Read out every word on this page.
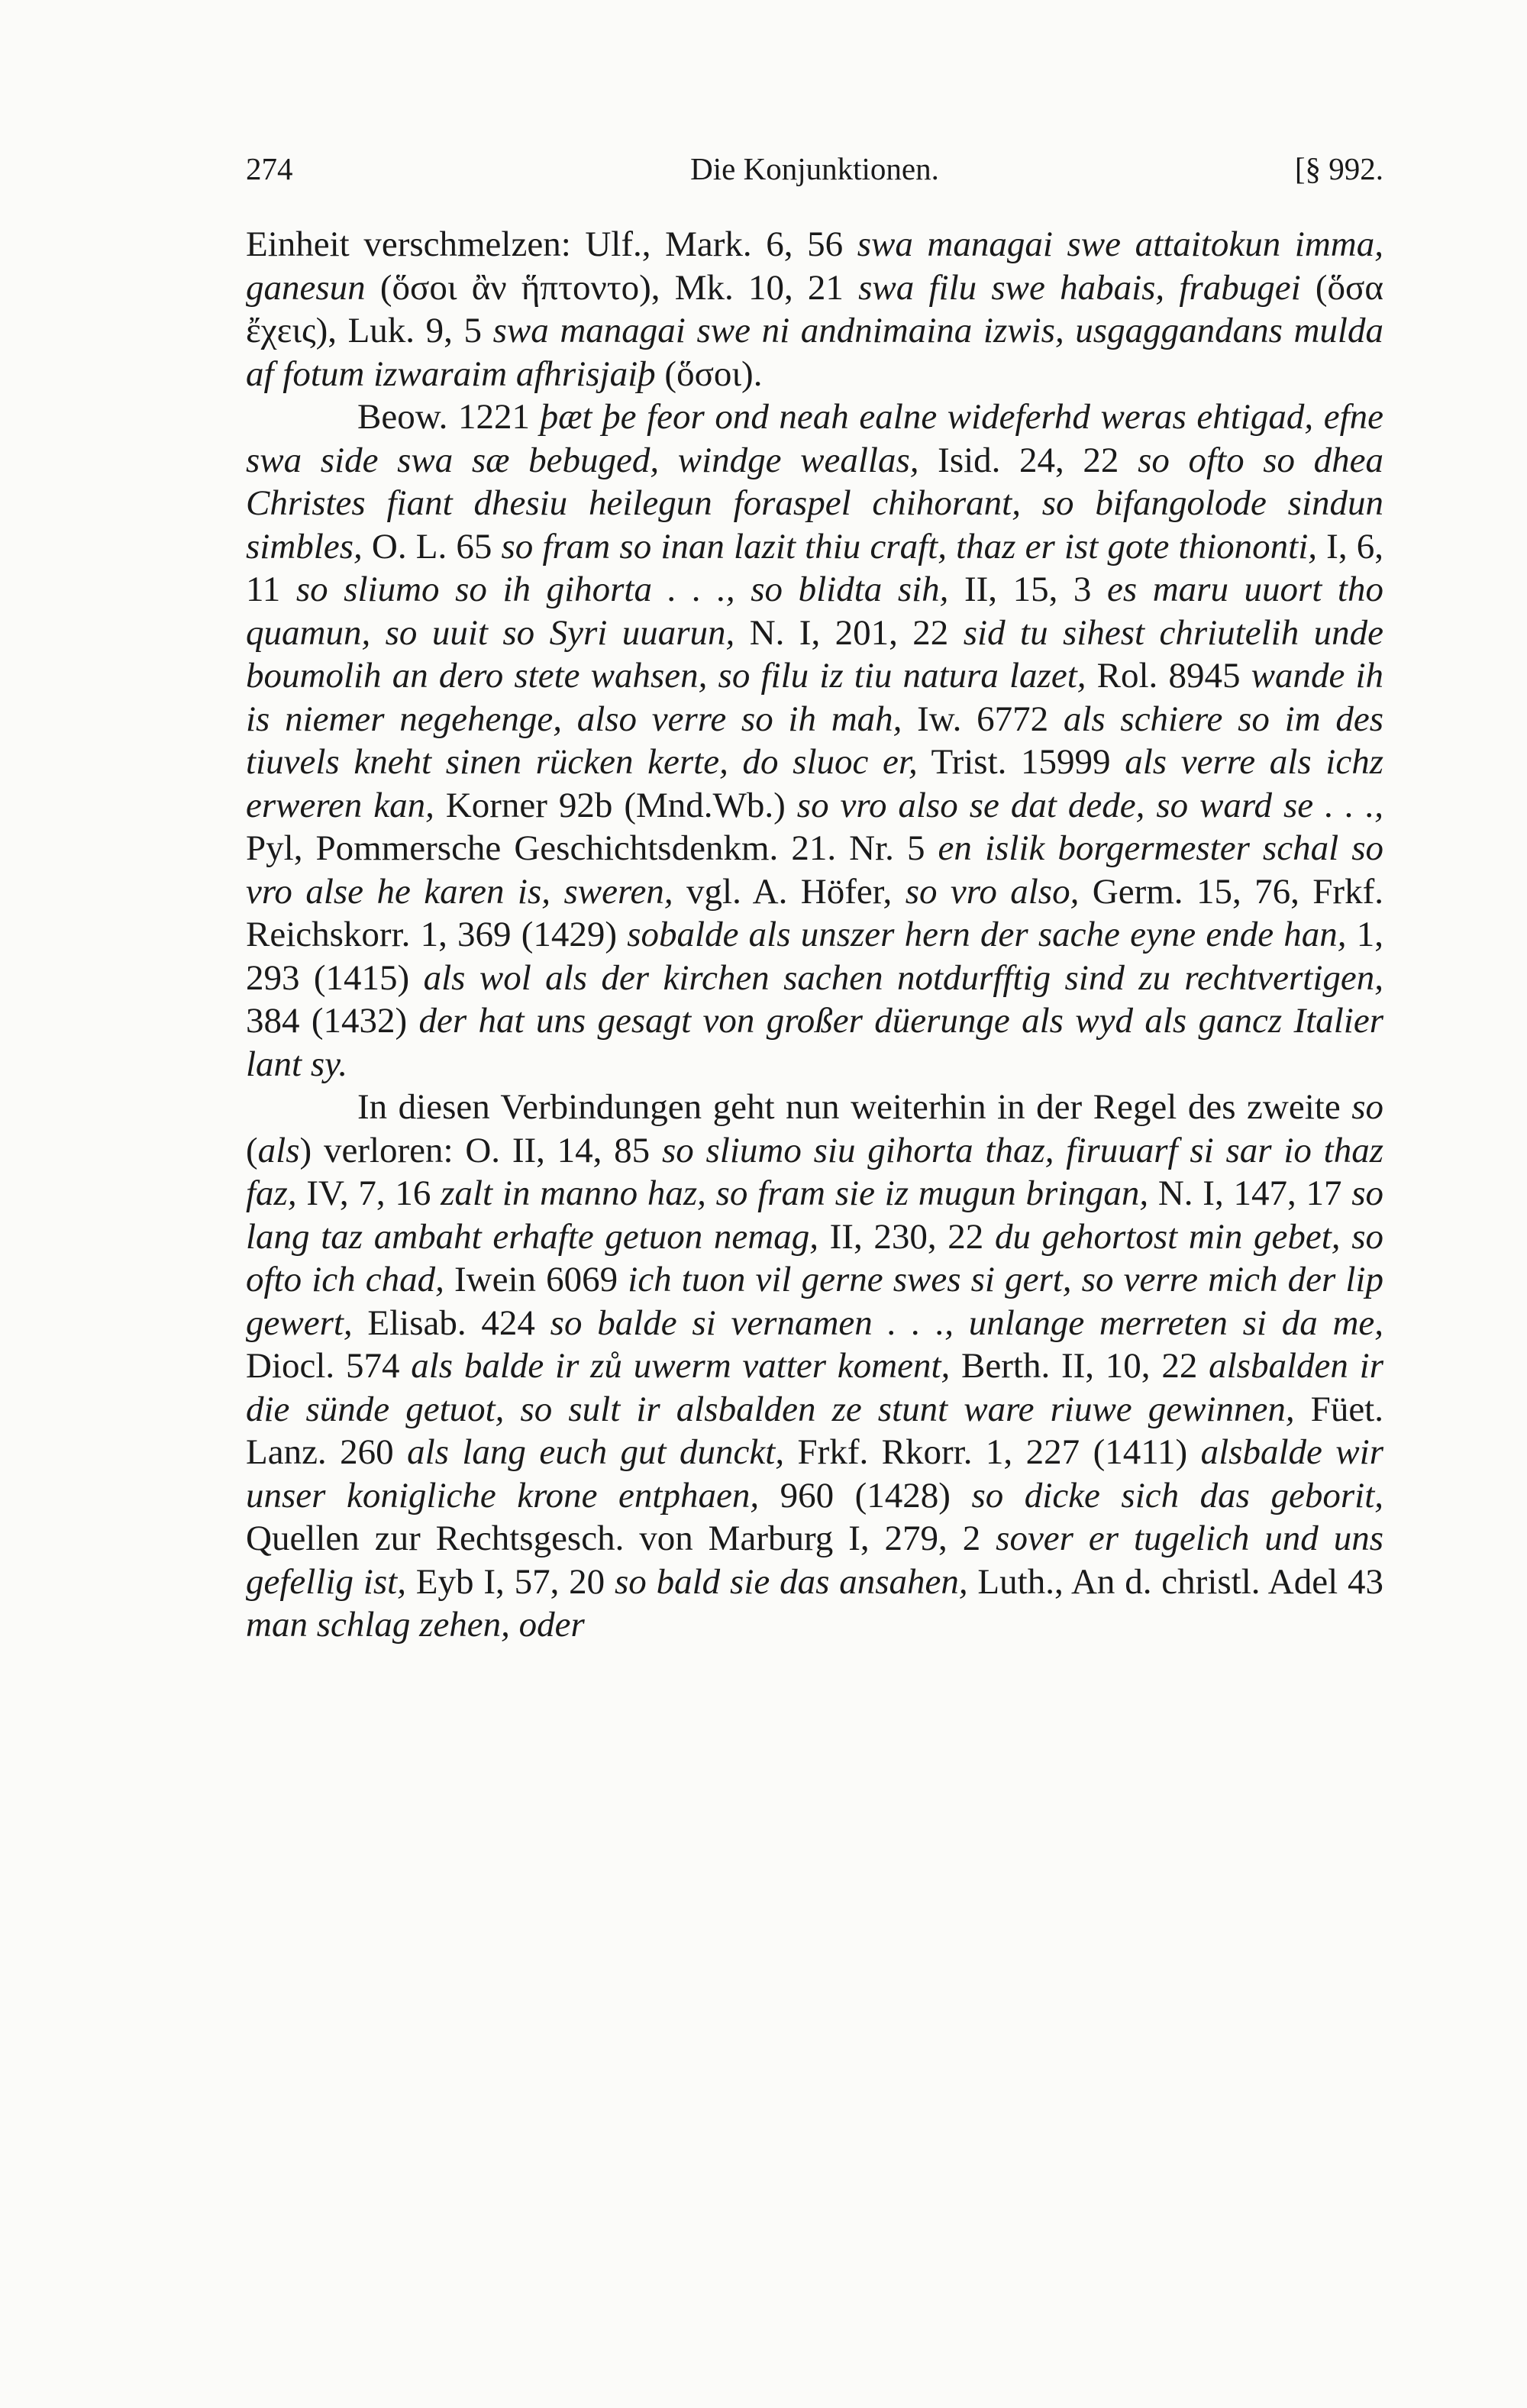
274	Die Konjunktionen.	[§ 992.

Einheit verschmelzen: Ulf., Mark. 6, 56 swa managai swe attaitokun imma, ganesun (ὅσοι ἂν ἥπτοντο), Mk. 10, 21 swa filu swe habais, frabugei (ὅσα ἔχεις), Luk. 9, 5 swa managai swe ni andnimaina izwis, usgaggandans mulda af fotum izwaraim afhrisjaiþ (ὅσοι).

Beow. 1221 þæt þe feor ond neah ealne wideferhd weras ehtigad, efne swa side swa sæ bebuged, windge weallas, Isid. 24, 22 so ofto so dhea Christes fiant dhesiu heilegun foraspel chihorant, so bifangolode sindun simbles, O. L. 65 so fram so inan lazit thiu craft, thaz er ist gote thiononti, I, 6, 11 so sliumo so ih gihorta . . ., so blidta sih, II, 15, 3 es maru uuort tho quamun, so uuit so Syri uuarun, N. I, 201, 22 sid tu sihest chriutelih unde boumolih an dero stete wahsen, so filu iz tiu natura lazet, Rol. 8945 wande ih is niemer negehenge, also verre so ih mah, Iw. 6772 als schiere so im des tiuvels kneht sinen rücken kerte, do sluoc er, Trist. 15999 als verre als ichz erweren kan, Korner 92b (Mnd.Wb.) so vro also se dat dede, so ward se . . ., Pyl, Pommersche Geschichtsdenkm. 21. Nr. 5 en islik borgermester schal so vro alse he karen is, sweren, vgl. A. Höfer, so vro also, Germ. 15, 76, Frkf. Reichskorr. 1, 369 (1429) sobalde als unszer hern der sache eyne ende han, 1, 293 (1415) als wol als der kirchen sachen notdurfftig sind zu rechtvertigen, 384 (1432) der hat uns gesagt von großer düerunge als wyd als gancz Italier lant sy.

In diesen Verbindungen geht nun weiterhin in der Regel des zweite so (als) verloren: O. II, 14, 85 so sliumo siu gihorta thaz, firuuarf si sar io thaz faz, IV, 7, 16 zalt in manno haz, so fram sie iz mugun bringan, N. I, 147, 17 so lang taz ambaht erhafte getuon nemag, II, 230, 22 du gehortost min gebet, so ofto ich chad, Iwein 6069 ich tuon vil gerne swes si gert, so verre mich der lip gewert, Elisab. 424 so balde si vernamen . . ., unlange merreten si da me, Diocl. 574 als balde ir zů uwerm vatter koment, Berth. II, 10, 22 alsbalden ir die sünde getuot, so sult ir alsbalden ze stunt ware riuwe gewinnen, Füet. Lanz. 260 als lang euch gut dunckt, Frkf. Rkorr. 1, 227 (1411) alsbalde wir unser konigliche krone entphaen, 960 (1428) so dicke sich das geborit, Quellen zur Rechtsgesch. von Marburg I, 279, 2 sover er tugelich und uns gefellig ist, Eyb I, 57, 20 so bald sie das ansahen, Luth., An d. christl. Adel 43 man schlag zehen, oder
